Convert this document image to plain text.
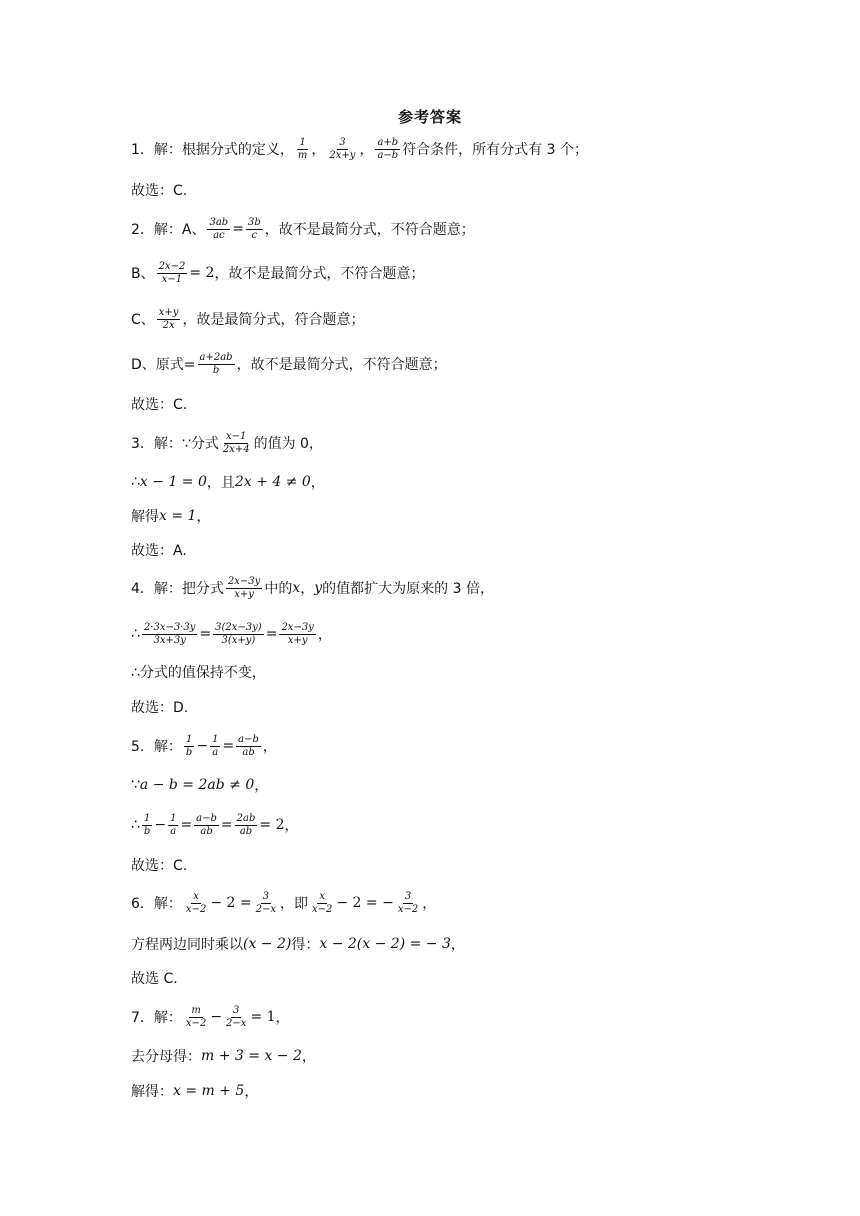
参考答案
1．解：根据分式的定义， $\frac{1}{m}$ ， $\frac{3}{2x+y}$ ， $\frac{a+b}{a-b}$ 符合条件，所有分式有 3 个；
故选：C.
2．解：A、 $\frac{3ab}{ac} = \frac{3b}{c}$ ，故不是最简分式，不符合题意；
B、 $\frac{2x-2}{x-1} = 2$ ，故不是最简分式，不符合题意；
C、 $\frac{x+y}{2x}$ ，故是最简分式，符合题意；
D、原式= $\frac{a+2ab}{b}$ ，故不是最简分式，不符合题意；
故选：C.
3．解：∵分式 $\frac{x-1}{2x+4}$ 的值为 0，
∴ x − 1 = 0 ，且 2x + 4 ≠ 0 ，
解得 x = 1 ，
故选：A.
4．解：把分式 $\frac{2x-3y}{x+y}$ 中的 x ， y 的值都扩大为原来的 3 倍，
∴ $\frac{2\cdot 3x-3\cdot 3y}{3x+3y} = \frac{3(2x-3y)}{3(x+y)} = \frac{2x-3y}{x+y}$ ，
∴分式的值保持不变，
故选：D.
5．解： $\frac{1}{b} - \frac{1}{a} = \frac{a-b}{ab}$ ，
∵ a − b = 2ab ≠ 0 ，
∴ $\frac{1}{b} - \frac{1}{a} = \frac{a-b}{ab} = \frac{2ab}{ab} = 2$ ，
故选：C.
6．解： $\frac{x}{x-2} - 2 = \frac{3}{2-x}$ ，即 $\frac{x}{x-2} - 2$ = − $\frac{3}{x-2}$ ，
方程两边同时乘以 (x − 2) 得： x − 2(x − 2) = − 3 ，
故选 C.
7．解： $\frac{m}{x-2} - \frac{3}{2-x} = 1$ ，
去分母得： m + 3 = x − 2 ，
解得： x = m + 5 ，
